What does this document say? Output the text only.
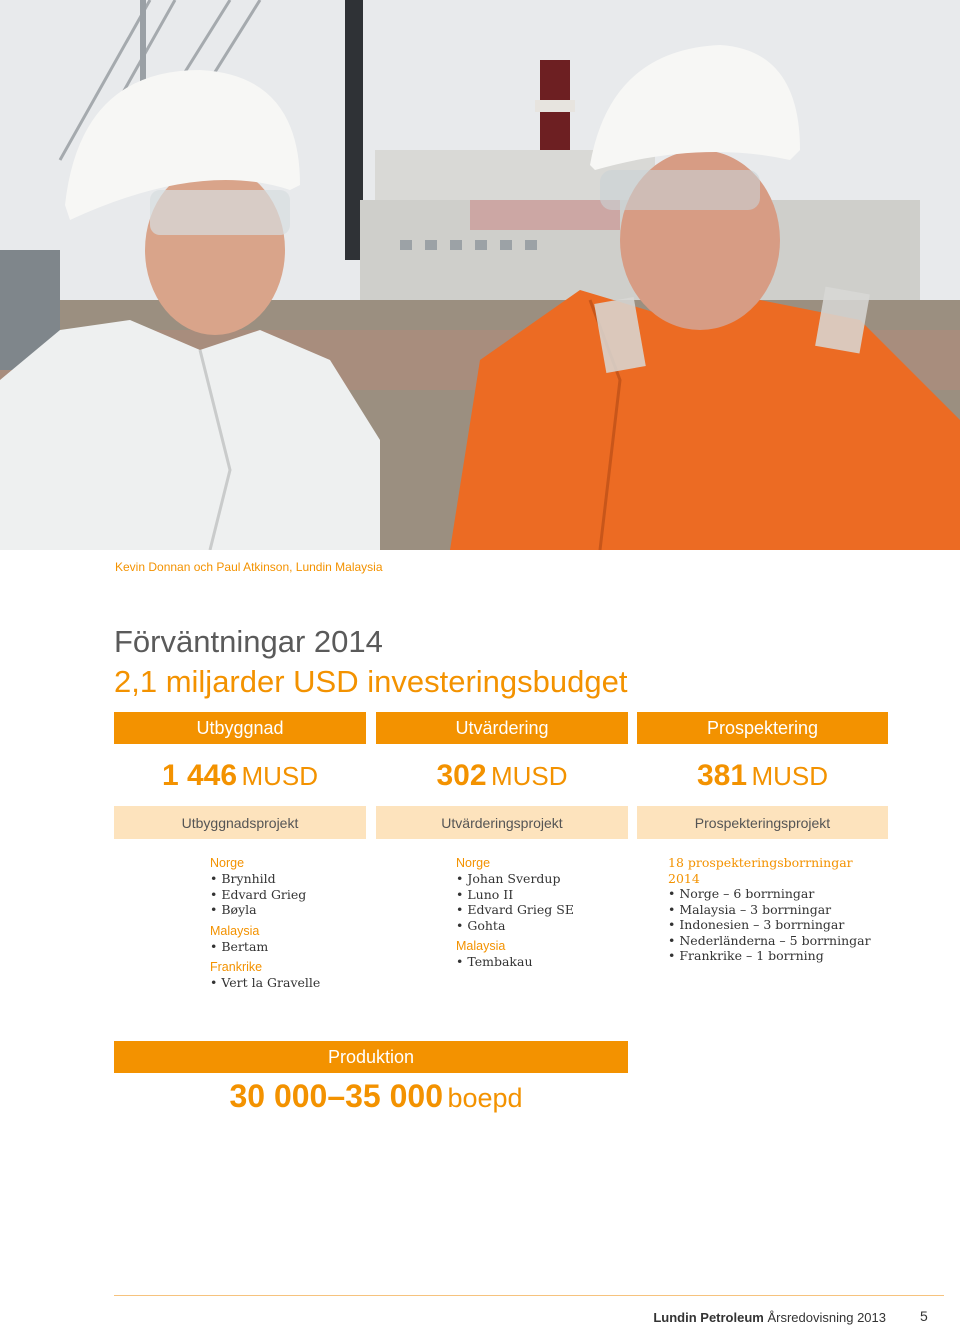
Kevin Donnan och Paul Atkinson, Lundin Malaysia
Förväntningar 2014
2,1 miljarder USD investeringsbudget
Utbyggnad
1 446 MUSD
Utbyggnadsprojekt
Norge
• Brynhild
• Edvard Grieg
• Bøyla
Malaysia
• Bertam
Frankrike
• Vert la Gravelle
Utvärdering
302 MUSD
Utvärderingsprojekt
Norge
• Johan Sverdup
• Luno II
• Edvard Grieg SE
• Gohta
Malaysia
• Tembakau
Prospektering
381 MUSD
Prospekteringsprojekt
18 prospekteringsborrningar 2014
• Norge – 6 borrningar
• Malaysia – 3 borrningar
• Indonesien – 3 borrningar
• Nederländerna – 5 borrningar
• Frankrike – 1 borrning
Produktion
30 000–35 000 boepd
Lundin Petroleum Årsredovisning 2013 5
